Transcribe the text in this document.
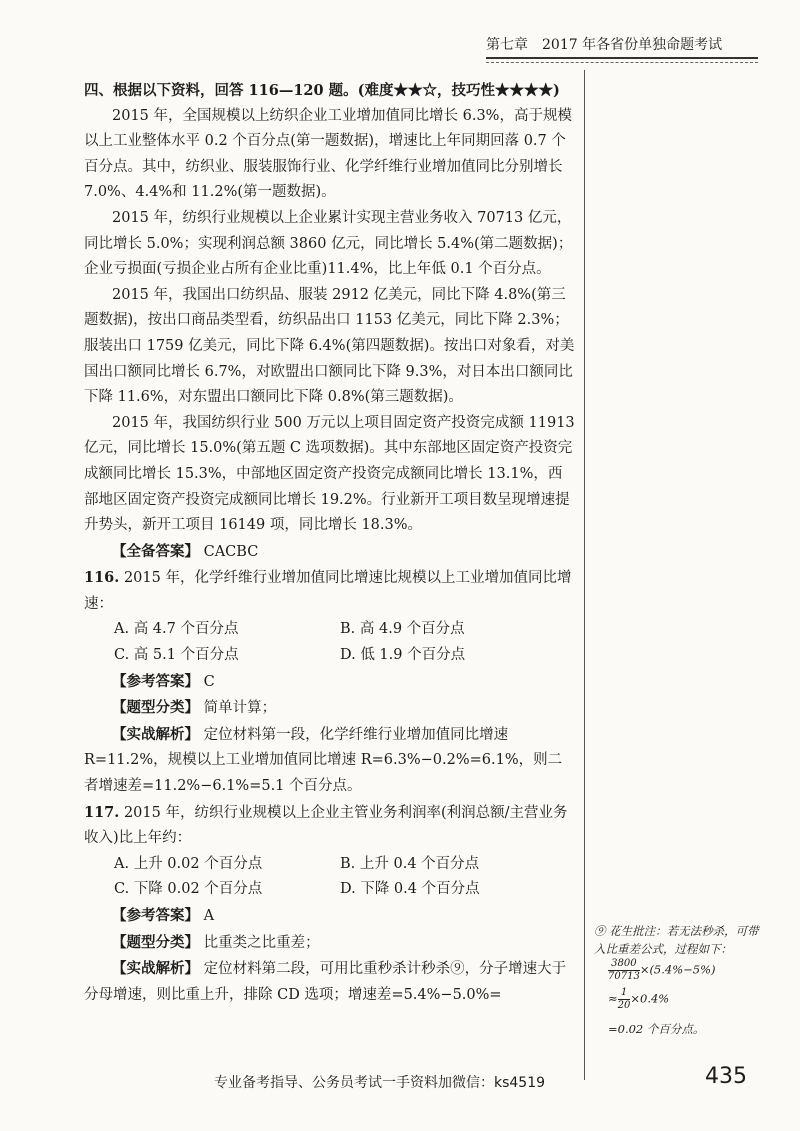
第七章　2017 年各省份单独命题考试

四、根据以下资料，回答 116—120 题。(难度★★☆，技巧性★★★★)

2015 年，全国规模以上纺织企业工业增加值同比增长 6.3%，高于规模以上工业整体水平 0.2 个百分点(第一题数据)，增速比上年同期回落 0.7 个百分点。其中，纺织业、服装服饰行业、化学纤维行业增加值同比分别增长 7.0%、4.4%和 11.2%(第一题数据)。

2015 年，纺织行业规模以上企业累计实现主营业务收入 70713 亿元，同比增长 5.0%；实现利润总额 3860 亿元，同比增长 5.4%(第二题数据)；企业亏损面(亏损企业占所有企业比重)11.4%，比上年低 0.1 个百分点。

2015 年，我国出口纺织品、服装 2912 亿美元，同比下降 4.8%(第三题数据)，按出口商品类型看，纺织品出口 1153 亿美元，同比下降 2.3%；服装出口 1759 亿美元，同比下降 6.4%(第四题数据)。按出口对象看，对美国出口额同比增长 6.7%，对欧盟出口额同比下降 9.3%，对日本出口额同比下降 11.6%，对东盟出口额同比下降 0.8%(第三题数据)。

2015 年，我国纺织行业 500 万元以上项目固定资产投资完成额 11913 亿元，同比增长 15.0%(第五题 C 选项数据)。其中东部地区固定资产投资完成额同比增长 15.3%，中部地区固定资产投资完成额同比增长 13.1%，西部地区固定资产投资完成额同比增长 19.2%。行业新开工项目数呈现增速提升势头，新开工项目 16149 项，同比增长 18.3%。

【全备答案】 CACBC

116. 2015 年，化学纤维行业增加值同比增速比规模以上工业增加值同比增速：

A. 高 4.7 个百分点	B. 高 4.9 个百分点
C. 高 5.1 个百分点	D. 低 1.9 个百分点

【参考答案】 C

【题型分类】 简单计算；

【实战解析】 定位材料第一段，化学纤维行业增加值同比增速 R=11.2%，规模以上工业增加值同比增速 R=6.3%−0.2%=6.1%，则二者增速差=11.2%−6.1%=5.1 个百分点。

117. 2015 年，纺织行业规模以上企业主管业务利润率(利润总额/主营业务收入)比上年约：

A. 上升 0.02 个百分点	B. 上升 0.4 个百分点
C. 下降 0.02 个百分点	D. 下降 0.4 个百分点

【参考答案】 A

【题型分类】 比重类之比重差；

【实战解析】 定位材料第二段，可用比重秒杀计秒杀⑨，分子增速大于分母增速，则比重上升，排除 CD 选项；增速差=5.4%−5.0%=

⑨ 花生批注：若无法秒杀，可带入比重差公式，过程如下：
$\frac{3800}{70713} \times(5.4\%-5\%)$
≈ $\frac{1}{20} \times 0.4\%$
=0.02 个百分点。
专业备考指导、公务员考试一手资料加微信：ks4519	435
